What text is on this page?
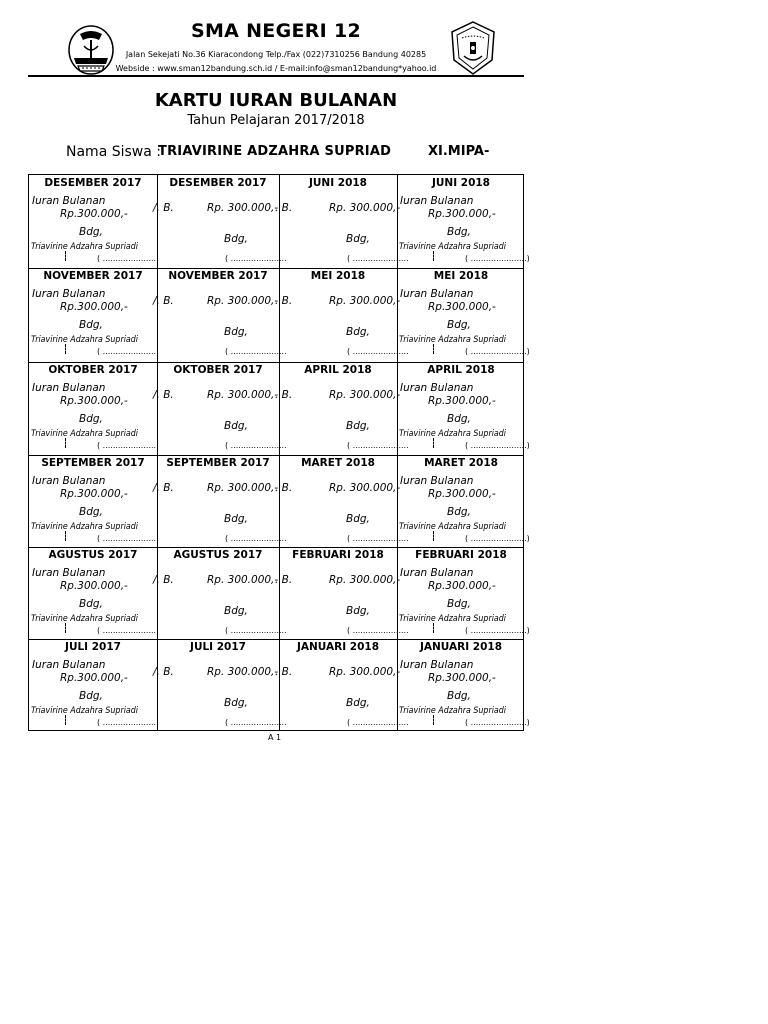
SMA NEGERI 12
Jalan Sekejati No.36 Kiaracondong Telp./Fax (022)7310256 Bandung 40285
Webside : www.sman12bandung.sch.id / E-mail:info@sman12bandung*yahoo.id
KARTU IURAN BULANAN
Tahun Pelajaran 2017/2018
Nama Siswa :
TRIAVIRINE ADZAHRA SUPRIAD	XI.MIPA-
DESEMBER 2017
Iuran Bulanan
Rp.300.000,-
Bdg,
Triavirine Adzahra Supriadi
( ......................
DESEMBER 2017
/. B.	Rp. 300.000,-
Bdg,
( ......................
JUNI 2018
. B.	Rp. 300.000,-
Bdg,
( ......................
JUNI 2018
Iuran Bulanan
Rp.300.000,-
Bdg,
Triavirine Adzahra Supriadi
( ......................)
NOVEMBER 2017
Iuran Bulanan
Rp.300.000,-
Bdg,
Triavirine Adzahra Supriadi
( ......................
NOVEMBER 2017
/. B.	Rp. 300.000,-
Bdg,
( ......................
MEI 2018
. B.	Rp. 300.000,-
Bdg,
( ......................
MEI 2018
Iuran Bulanan
Rp.300.000,-
Bdg,
Triavirine Adzahra Supriadi
( ......................)
OKTOBER 2017
Iuran Bulanan
Rp.300.000,-
Bdg,
Triavirine Adzahra Supriadi
( ......................
OKTOBER 2017
/. B.	Rp. 300.000,-
Bdg,
( ......................
APRIL 2018
. B.	Rp. 300.000,-
Bdg,
( ......................
APRIL 2018
Iuran Bulanan
Rp.300.000,-
Bdg,
Triavirine Adzahra Supriadi
( ......................)
SEPTEMBER 2017
Iuran Bulanan
Rp.300.000,-
Bdg,
Triavirine Adzahra Supriadi
( ......................
SEPTEMBER 2017
/. B.	Rp. 300.000,-
Bdg,
( ......................
MARET 2018
. B.	Rp. 300.000,-
Bdg,
( ......................
MARET 2018
Iuran Bulanan
Rp.300.000,-
Bdg,
Triavirine Adzahra Supriadi
( ......................)
AGUSTUS 2017
Iuran Bulanan
Rp.300.000,-
Bdg,
Triavirine Adzahra Supriadi
( ......................
AGUSTUS 2017
/. B.	Rp. 300.000,-
Bdg,
( ......................
FEBRUARI 2018
. B.	Rp. 300.000,-
Bdg,
( ......................
FEBRUARI 2018
Iuran Bulanan
Rp.300.000,-
Bdg,
Triavirine Adzahra Supriadi
( ......................)
JULI 2017
Iuran Bulanan
Rp.300.000,-
Bdg,
Triavirine Adzahra Supriadi
( ......................
JULI 2017
/. B.	Rp. 300.000,-
Bdg,
( ......................
JANUARI 2018
. B.	Rp. 300.000,-
Bdg,
( ......................
JANUARI 2018
Iuran Bulanan
Rp.300.000,-
Bdg,
Triavirine Adzahra Supriadi
( ......................)
A 1
